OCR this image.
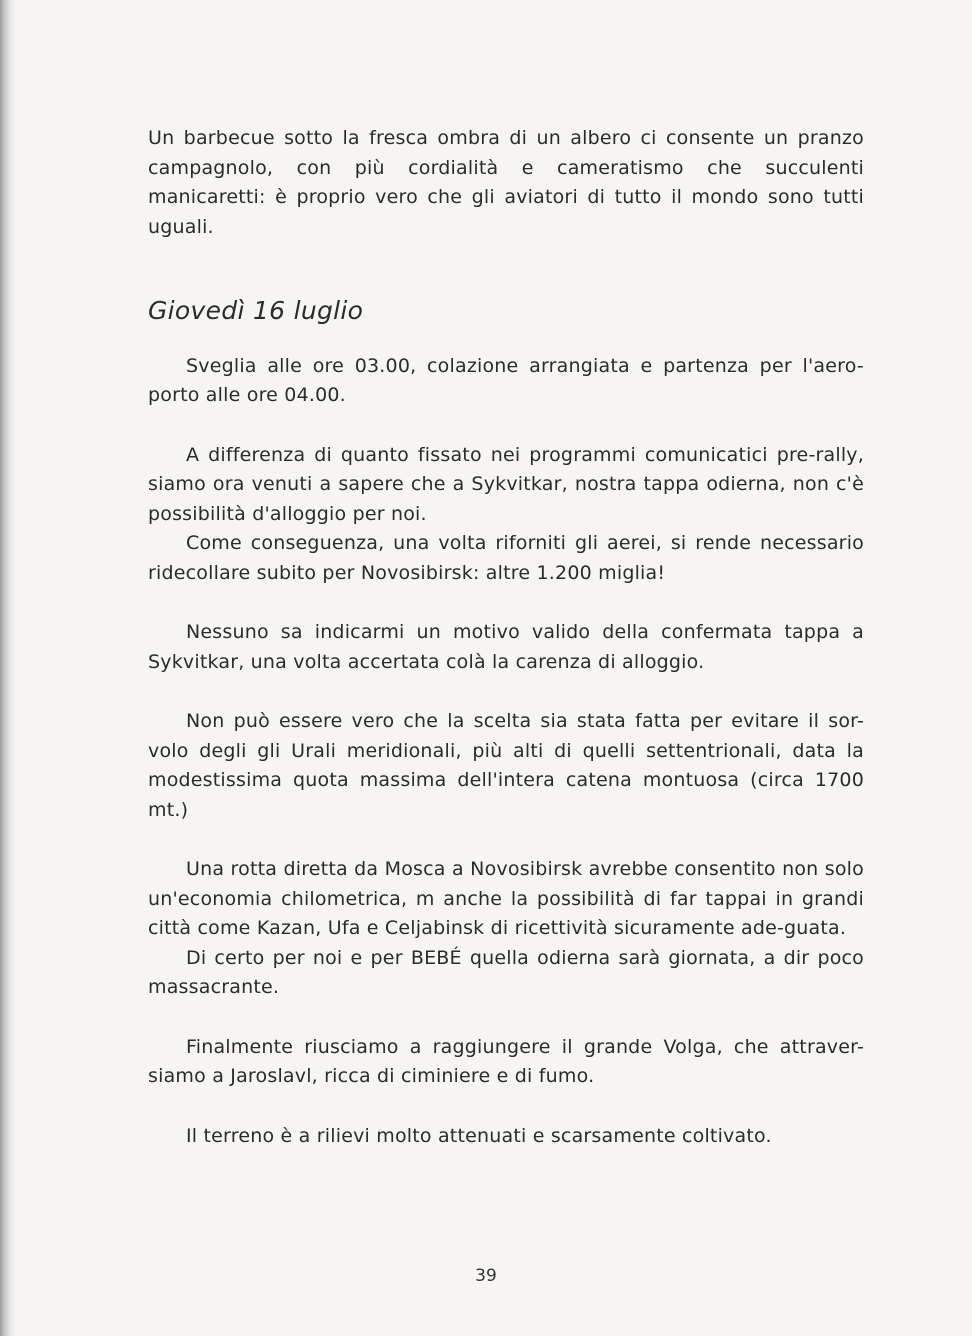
Un barbecue sotto la fresca ombra di un albero ci consente un pranzo campagnolo, con più cordialità e cameratismo che succulenti manicaretti: è proprio vero che gli aviatori di tutto il mondo sono tutti uguali.

Giovedì 16 luglio

Sveglia alle ore 03.00, colazione arrangiata e partenza per l'aero-porto alle ore 04.00.

A differenza di quanto fissato nei programmi comunicatici pre-rally, siamo ora venuti a sapere che a Sykvitkar, nostra tappa odierna, non c'è possibilità d'alloggio per noi.

Come conseguenza, una volta riforniti gli aerei, si rende necessario ridecollare subito per Novosibirsk: altre 1.200 miglia!

Nessuno sa indicarmi un motivo valido della confermata tappa a Sykvitkar, una volta accertata colà la carenza di alloggio.

Non può essere vero che la scelta sia stata fatta per evitare il sor-volo degli gli Urali meridionali, più alti di quelli settentrionali, data la modestissima quota massima dell'intera catena montuosa (circa 1700 mt.)

Una rotta diretta da Mosca a Novosibirsk avrebbe consentito non solo un'economia chilometrica, m anche la possibilità di far tappai in grandi città come Kazan, Ufa e Celjabinsk di ricettività sicuramente ade-guata.

Di certo per noi e per BEBÉ quella odierna sarà giornata, a dir poco massacrante.

Finalmente riusciamo a raggiungere il grande Volga, che attraver-siamo a Jaroslavl, ricca di ciminiere e di fumo.

Il terreno è a rilievi molto attenuati e scarsamente coltivato.

39
